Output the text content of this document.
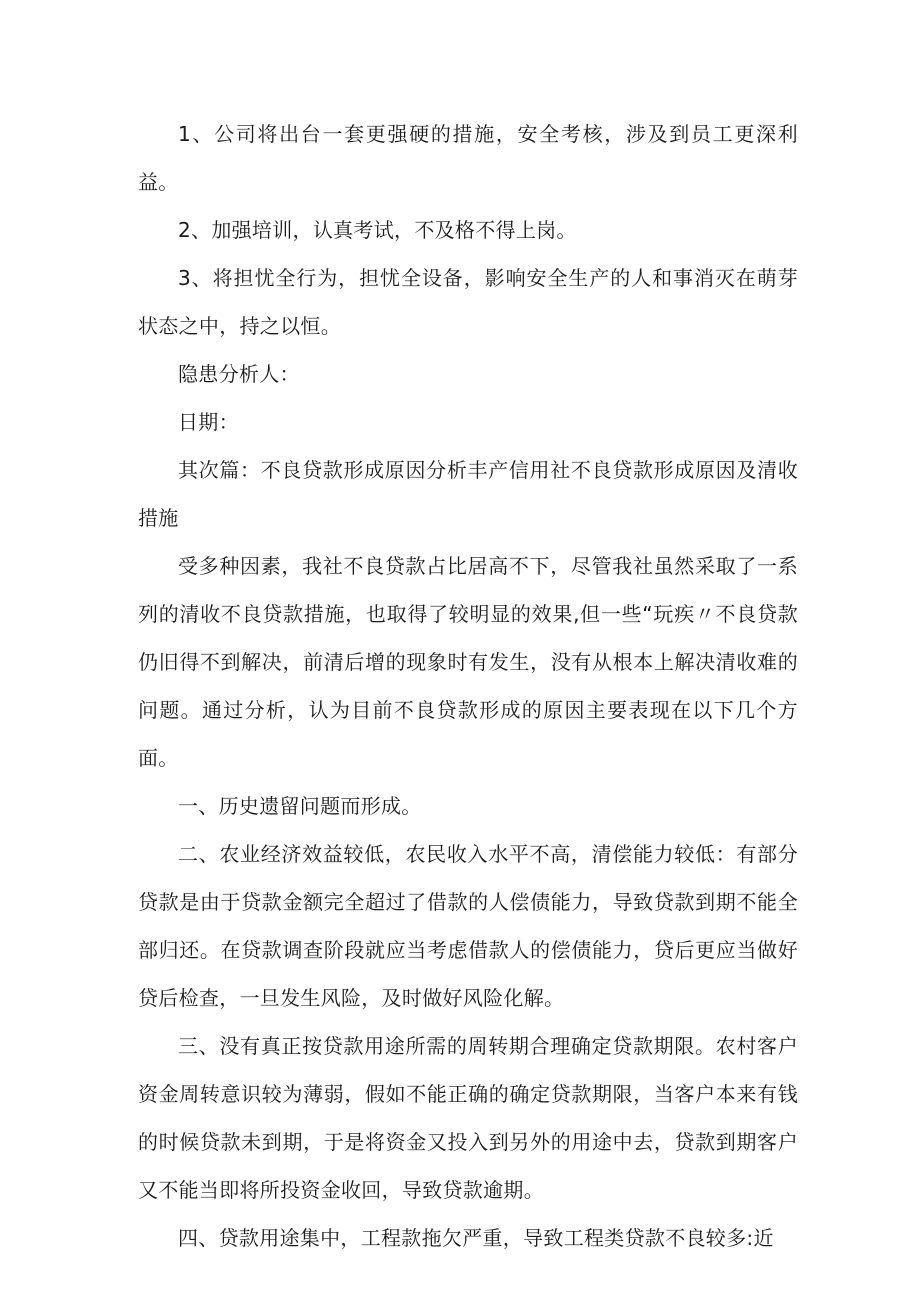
1、公司将出台一套更强硬的措施，安全考核，涉及到员工更深利益。

2、加强培训，认真考试，不及格不得上岗。

3、将担忧全行为，担忧全设备，影响安全生产的人和事消灭在萌芽状态之中，持之以恒。

隐患分析人：

日期：

其次篇：不良贷款形成原因分析丰产信用社不良贷款形成原因及清收措施

受多种因素，我社不良贷款占比居高不下，尽管我社虽然采取了一系列的清收不良贷款措施，也取得了较明显的效果,但一些“玩疾〃不良贷款仍旧得不到解决，前清后增的现象时有发生，没有从根本上解决清收难的问题。通过分析，认为目前不良贷款形成的原因主要表现在以下几个方面。

一、历史遗留问题而形成。

二、农业经济效益较低，农民收入水平不高，清偿能力较低：有部分贷款是由于贷款金额完全超过了借款的人偿债能力，导致贷款到期不能全部归还。在贷款调查阶段就应当考虑借款人的偿债能力，贷后更应当做好贷后检查，一旦发生风险，及时做好风险化解。

三、没有真正按贷款用途所需的周转期合理确定贷款期限。农村客户资金周转意识较为薄弱，假如不能正确的确定贷款期限，当客户本来有钱的时候贷款未到期，于是将资金又投入到另外的用途中去，贷款到期客户又不能当即将所投资金收回，导致贷款逾期。

四、贷款用途集中，工程款拖欠严重，导致工程类贷款不良较多:近
